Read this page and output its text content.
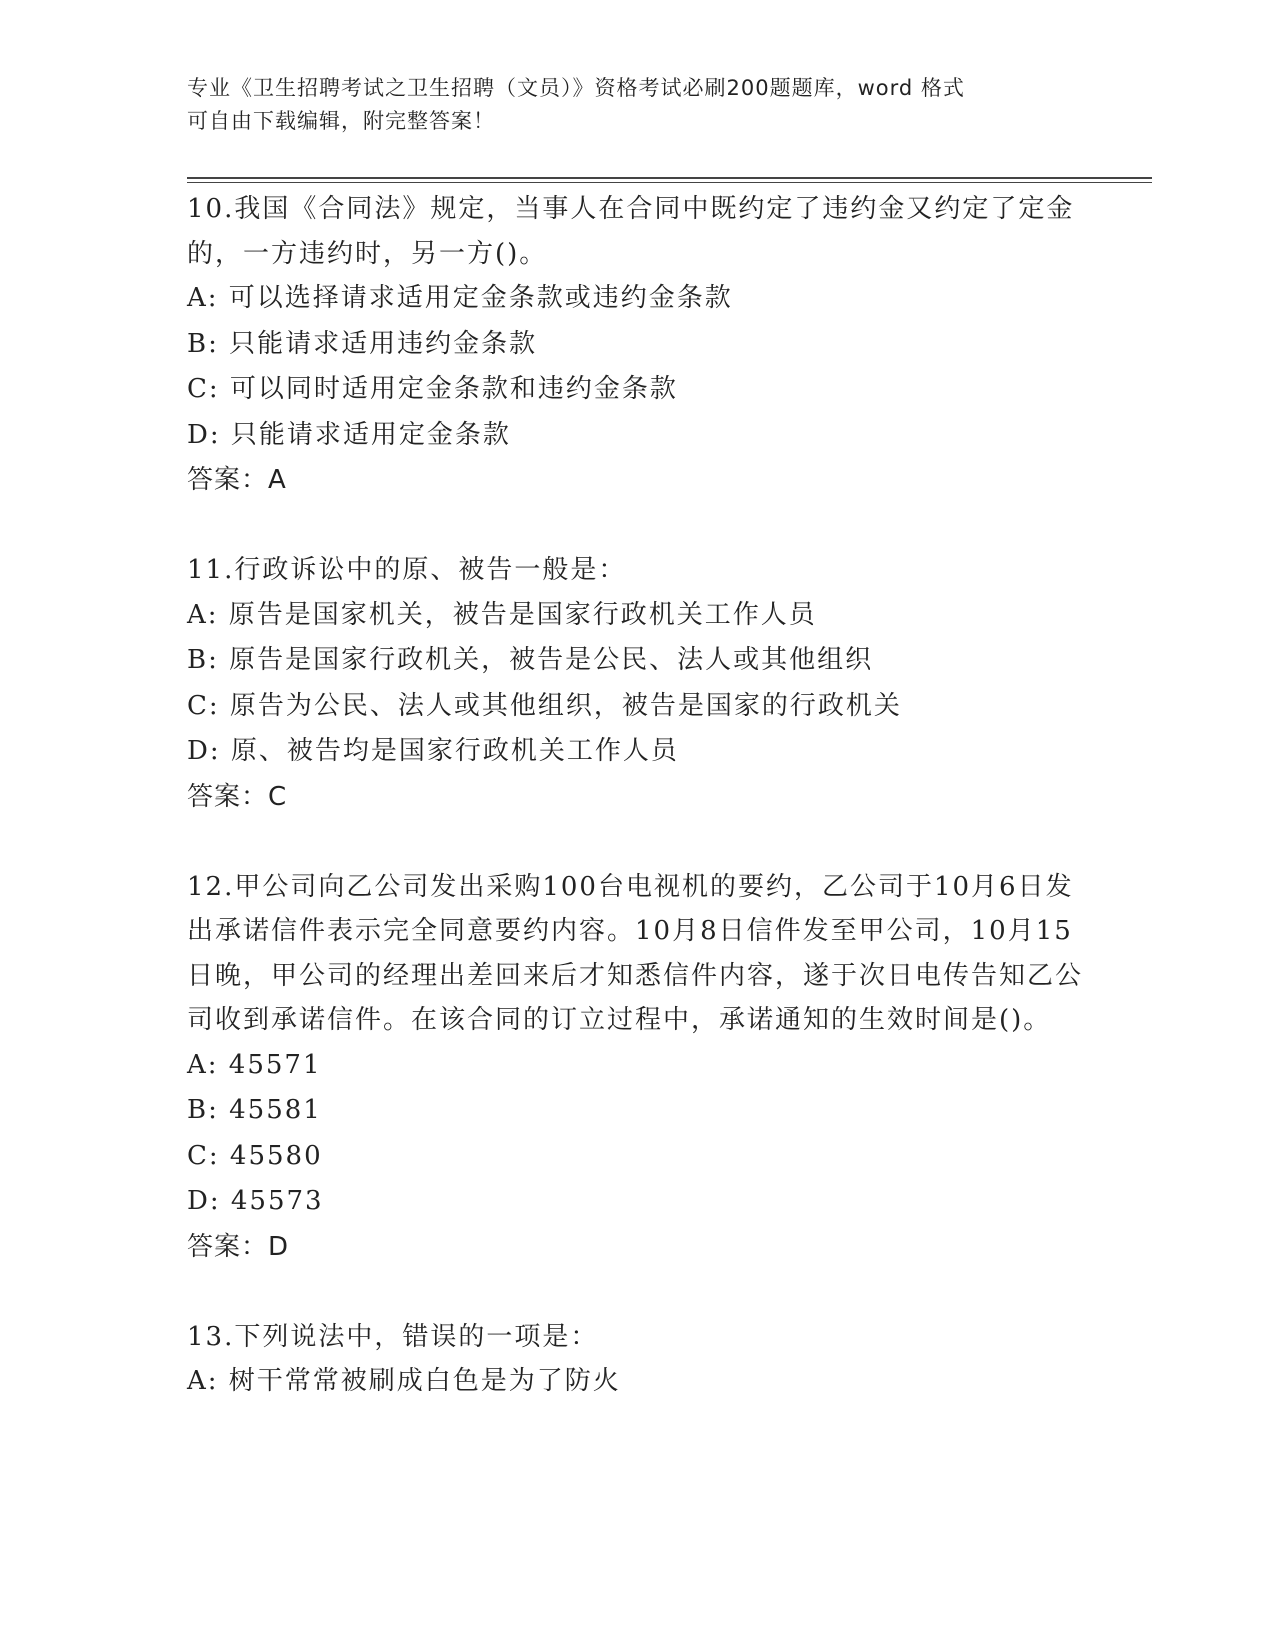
专业《卫生招聘考试之卫生招聘（文员）》资格考试必刷200题题库，word 格式
可自由下载编辑，附完整答案！
10.我国《合同法》规定，当事人在合同中既约定了违约金又约定了定金的，一方违约时，另一方()。
A: 可以选择请求适用定金条款或违约金条款
B: 只能请求适用违约金条款
C: 可以同时适用定金条款和违约金条款
D: 只能请求适用定金条款
答案：A
11.行政诉讼中的原、被告一般是：
A: 原告是国家机关，被告是国家行政机关工作人员
B: 原告是国家行政机关，被告是公民、法人或其他组织
C: 原告为公民、法人或其他组织，被告是国家的行政机关
D: 原、被告均是国家行政机关工作人员
答案：C
12.甲公司向乙公司发出采购100台电视机的要约，乙公司于10月6日发出承诺信件表示完全同意要约内容。10月8日信件发至甲公司，10月15日晚，甲公司的经理出差回来后才知悉信件内容，遂于次日电传告知乙公司收到承诺信件。在该合同的订立过程中，承诺通知的生效时间是()。
A: 45571
B: 45581
C: 45580
D: 45573
答案：D
13.下列说法中，错误的一项是：
A: 树干常常被刷成白色是为了防火
